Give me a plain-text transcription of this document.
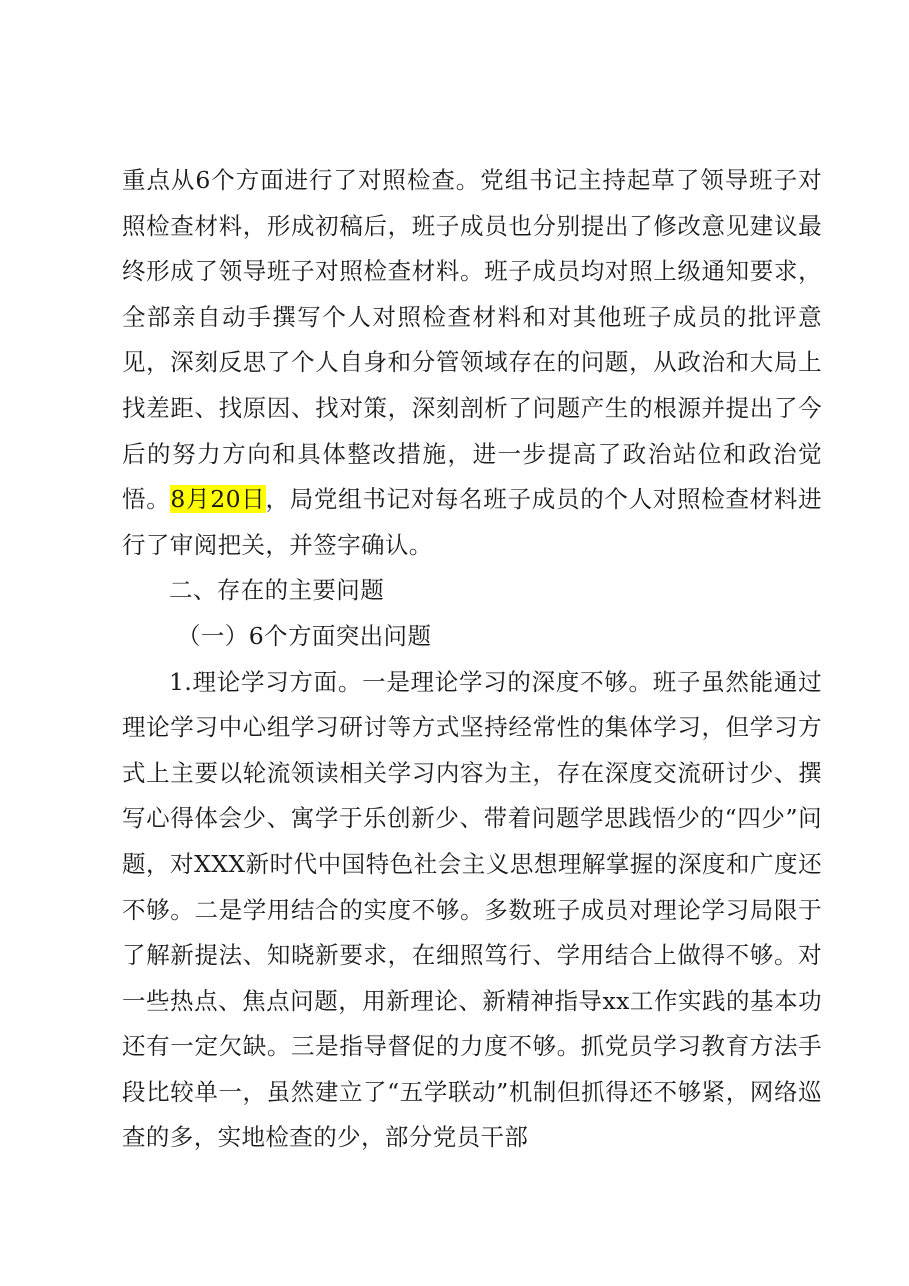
重点从6个方面进行了对照检查。党组书记主持起草了领导班子对照检查材料，形成初稿后，班子成员也分别提出了修改意见建议最终形成了领导班子对照检查材料。班子成员均对照上级通知要求，全部亲自动手撰写个人对照检查材料和对其他班子成员的批评意见，深刻反思了个人自身和分管领域存在的问题，从政治和大局上找差距、找原因、找对策，深刻剖析了问题产生的根源并提出了今后的努力方向和具体整改措施，进一步提高了政治站位和政治觉悟。8月20日，局党组书记对每名班子成员的个人对照检查材料进行了审阅把关，并签字确认。

二、存在的主要问题

（一）6个方面突出问题

1.理论学习方面。一是理论学习的深度不够。班子虽然能通过理论学习中心组学习研讨等方式坚持经常性的集体学习，但学习方式上主要以轮流领读相关学习内容为主，存在深度交流研讨少、撰写心得体会少、寓学于乐创新少、带着问题学思践悟少的“四少”问题，对XXX新时代中国特色社会主义思想理解掌握的深度和广度还不够。二是学用结合的实度不够。多数班子成员对理论学习局限于了解新提法、知晓新要求，在细照笃行、学用结合上做得不够。对一些热点、焦点问题，用新理论、新精神指导xx工作实践的基本功还有一定欠缺。三是指导督促的力度不够。抓党员学习教育方法手段比较单一，虽然建立了“五学联动”机制但抓得还不够紧，网络巡查的多，实地检查的少，部分党员干部
